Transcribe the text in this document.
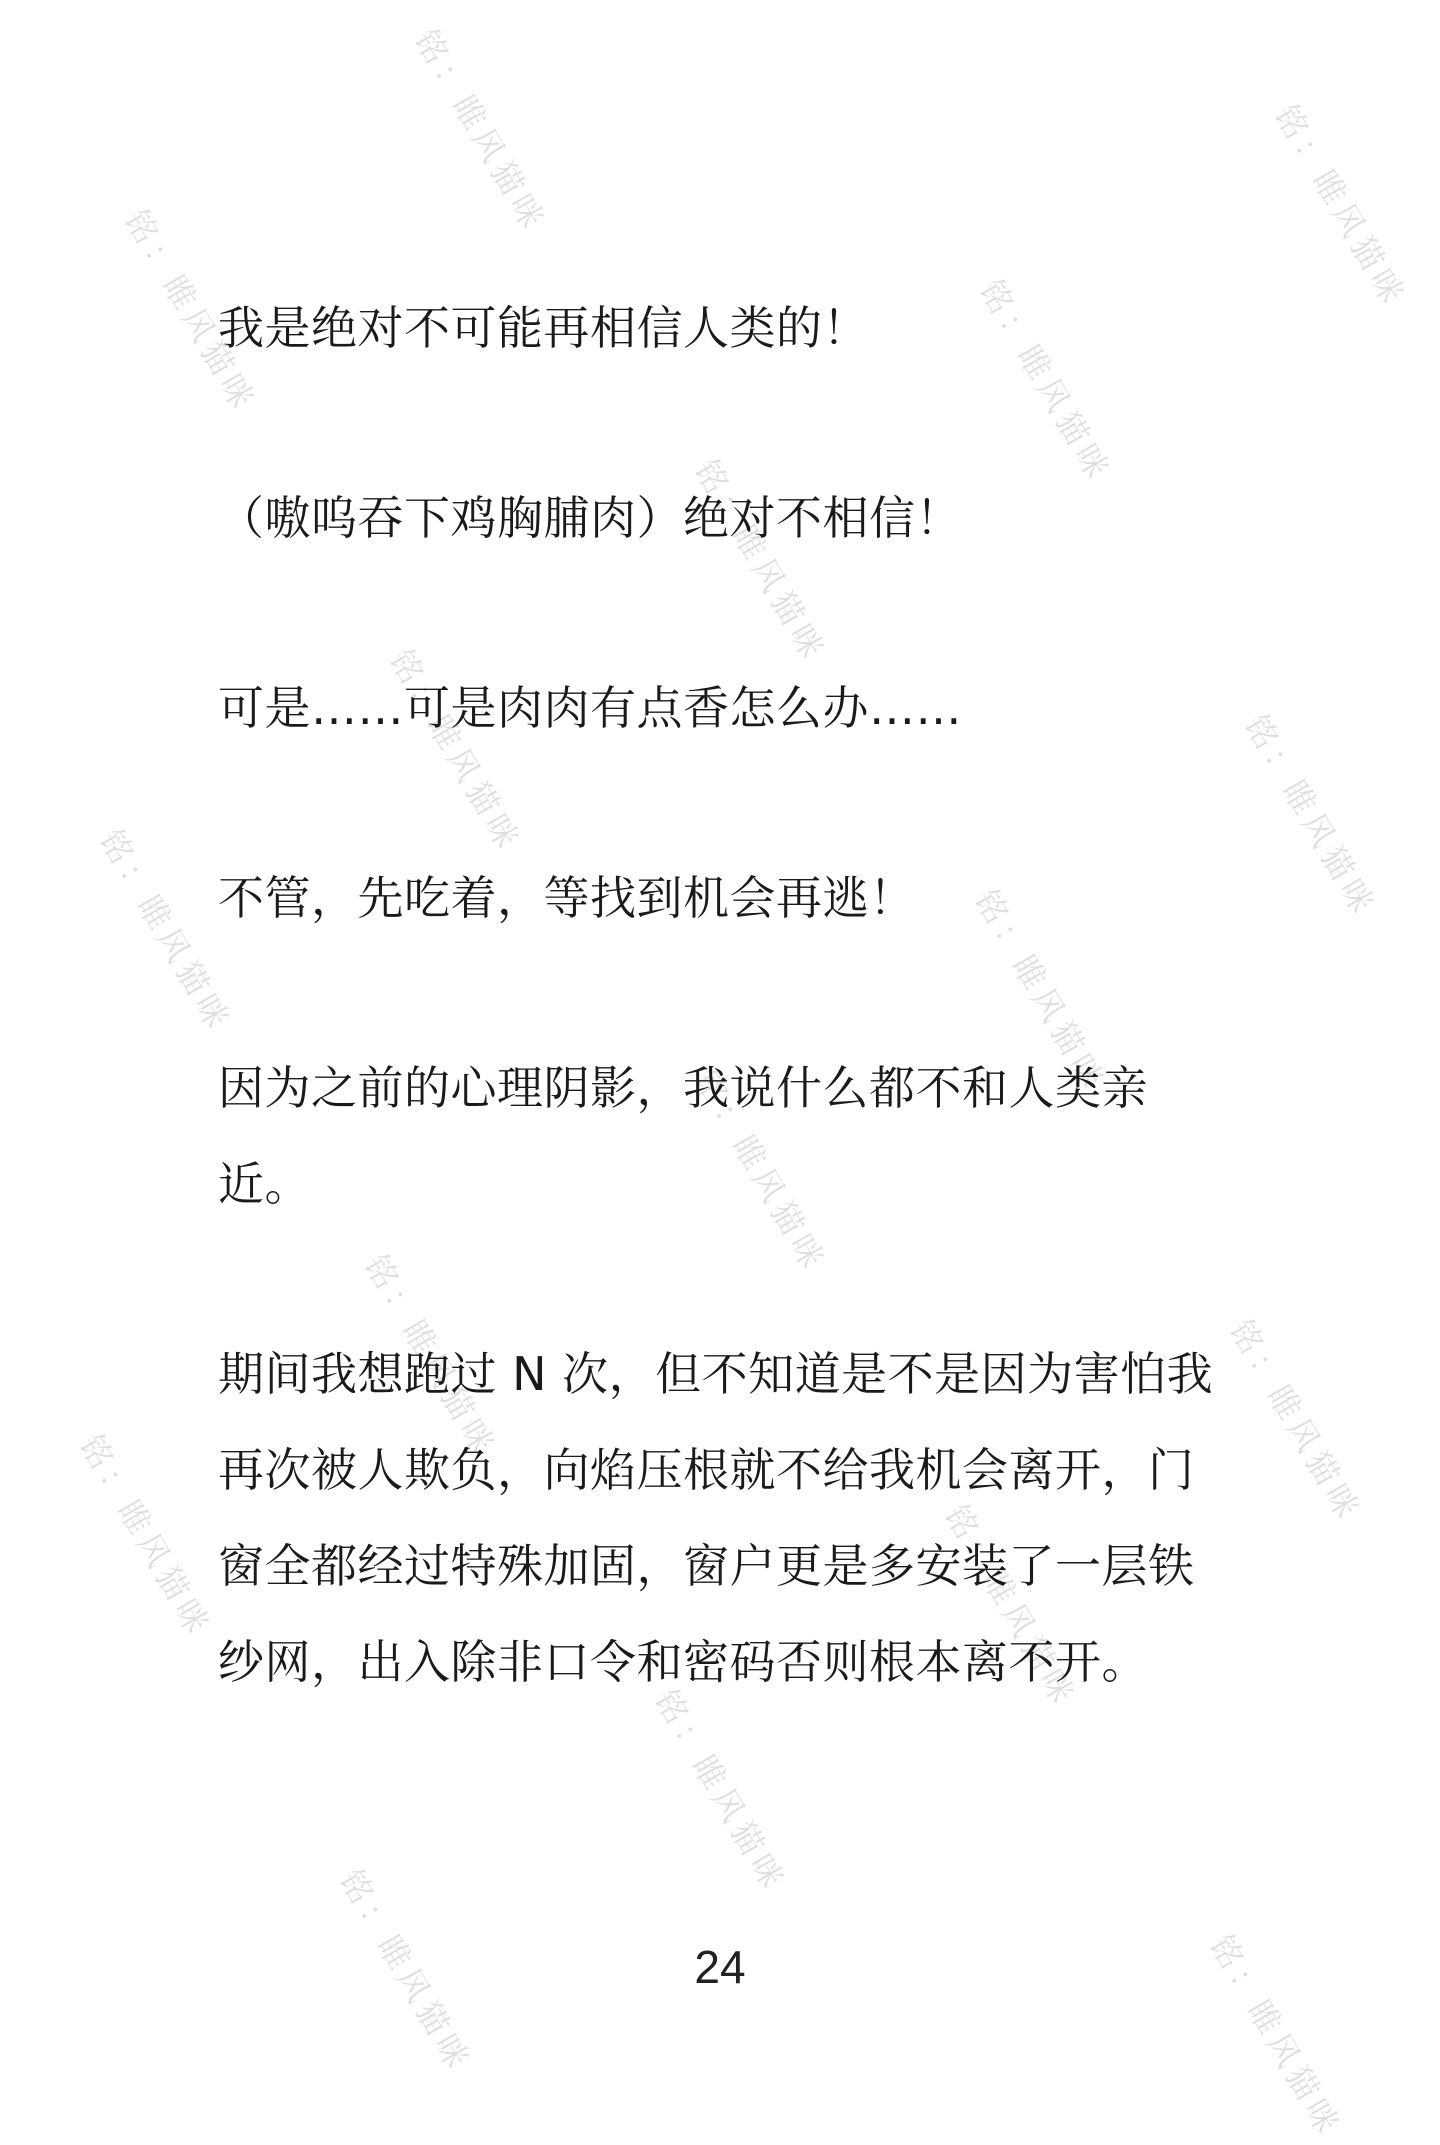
铭：睢风猫咪	铭：睢风猫咪
铭：睢风猫咪	铭：睢风猫咪
铭：睢风猫咪
铭：睢风猫咪	铭：睢风猫咪
铭：睢风猫咪	铭：睢风猫咪
铭：睢风猫咪
铭：睢风猫咪	铭：睢风猫咪
铭：睢风猫咪	铭：睢风猫咪
铭：睢风猫咪
铭：睢风猫咪	铭：睢风猫咪

我是绝对不可能再相信人类的！

（嗷呜吞下鸡胸脯肉）绝对不相信！

可是……可是肉肉有点香怎么办……

不管，先吃着，等找到机会再逃！

因为之前的心理阴影，我说什么都不和人类亲近。

期间我想跑过 N 次，但不知道是不是因为害怕我再次被人欺负，向焰压根就不给我机会离开，门窗全都经过特殊加固，窗户更是多安装了一层铁纱网，出入除非口令和密码否则根本离不开。

24
